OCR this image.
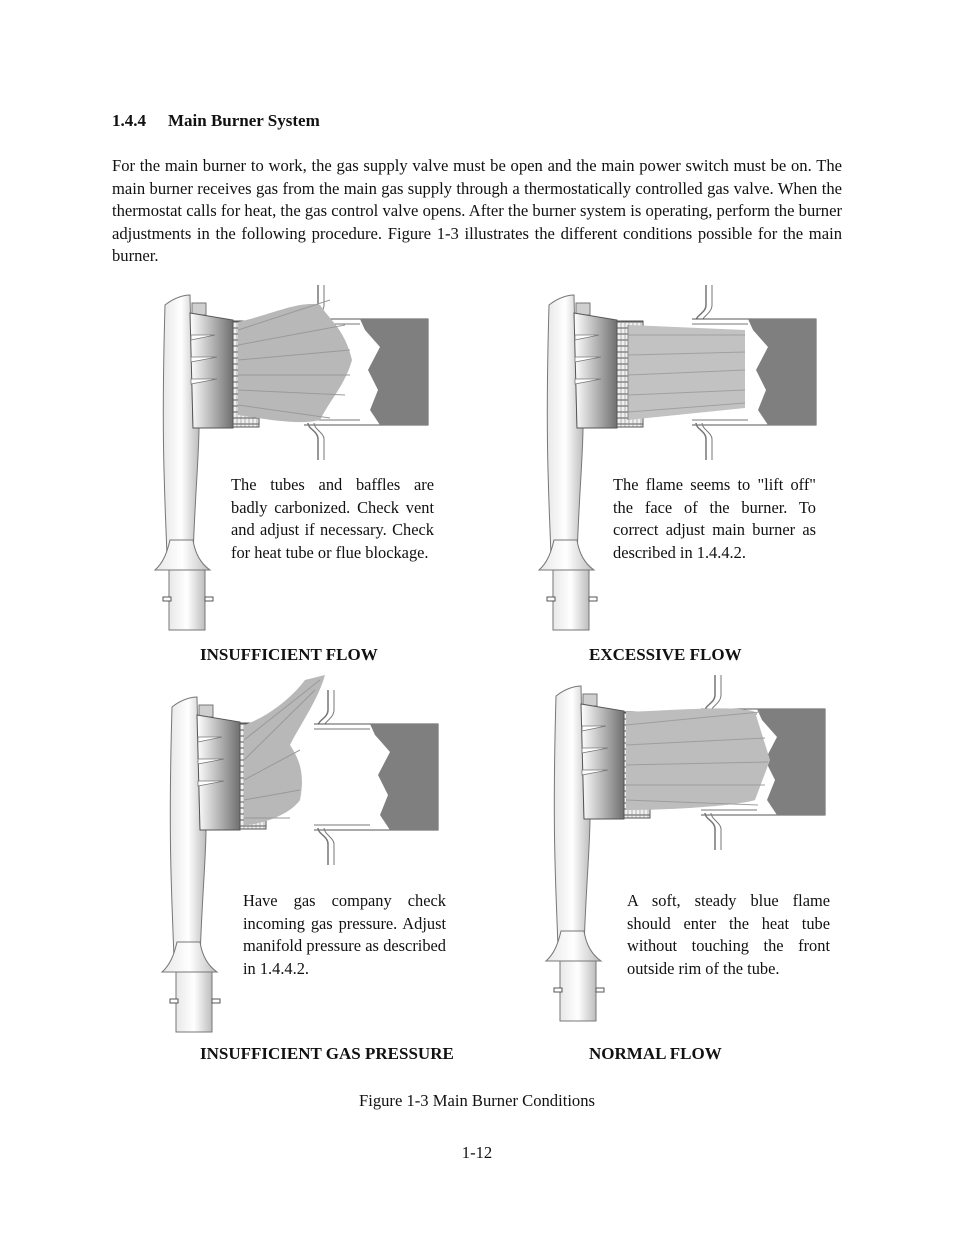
1.4.4 Main Burner System
For the main burner to work, the gas supply valve must be open and the main power switch must be on. The main burner receives gas from the main gas supply through a thermostatically controlled gas valve. When the thermostat calls for heat, the gas control valve opens. After the burner system is operating, perform the burner adjustments in the following procedure. Figure 1-3 illustrates the different conditions possible for the main burner.
The tubes and baffles are badly carbonized. Check vent and adjust if necessary. Check for heat tube or flue blockage.
INSUFFICIENT FLOW
The flame seems to "lift off" the face of the burner. To correct adjust main burner as described in 1.4.4.2.
EXCESSIVE FLOW
Have gas company check incoming gas pressure. Adjust manifold pressure as described in 1.4.4.2.
INSUFFICIENT GAS PRESSURE
A soft, steady blue flame should enter the heat tube without touching the front outside rim of the tube.
NORMAL FLOW
Figure 1-3 Main Burner Conditions
1-12
